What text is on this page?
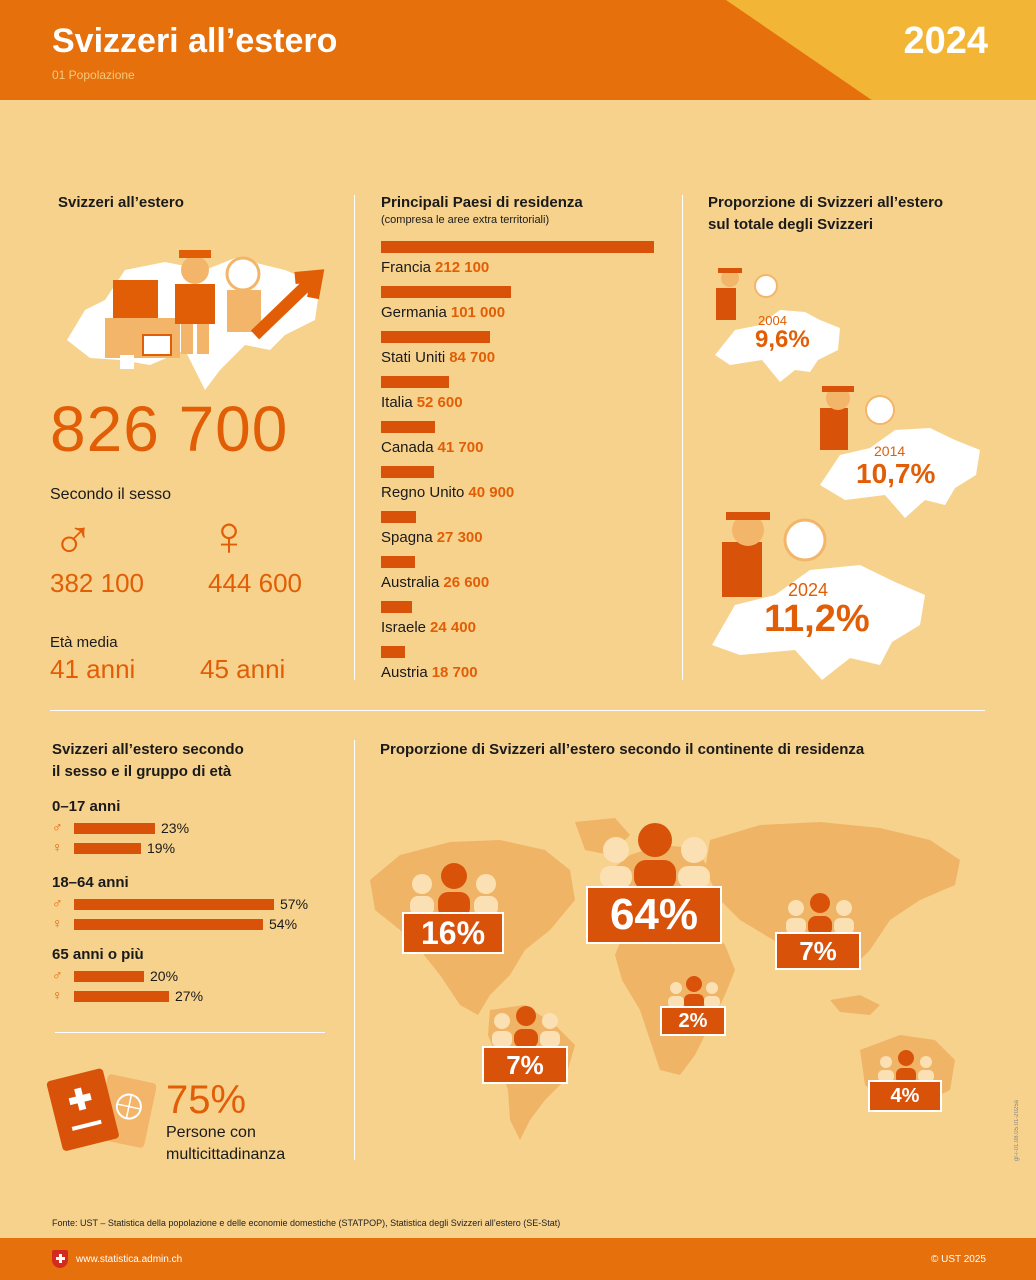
Svizzeri all’estero
01 Popolazione
2024
Svizzeri all’estero
826 700
Secondo il sesso
♂ ♀
382 100 444 600
Età media
41 anni 45 anni
Principali Paesi di residenza
(compresa le aree extra territoriali)
Francia 212 100
Germania 101 000
Stati Uniti 84 700
Italia 52 600
Canada 41 700
Regno Unito 40 900
Spagna 27 300
Australia 26 600
Israele 24 400
Austria 18 700
Proporzione di Svizzeri all’estero
sul totale degli Svizzeri
2004
9,6%
2014
10,7%
2024
11,2%
Svizzeri all’estero secondo
il sesso e il gruppo di età
0–17 anni
♂	23%
♀	19%
18–64 anni
♂	57%
♀	54%
65 anni o più
♂	20%
♀	27%
75%
Persone con
multicittadinanza
Proporzione di Svizzeri all’estero secondo il continente di residenza
16%	64%
7%
2%
7%
4%
gr-i-01.08.05.01-2025a
Fonte: UST – Statistica della popolazione e delle economie domestiche (STATPOP), Statistica degli Svizzeri all’estero (SE-Stat)
www.statistica.admin.ch	© UST 2025
